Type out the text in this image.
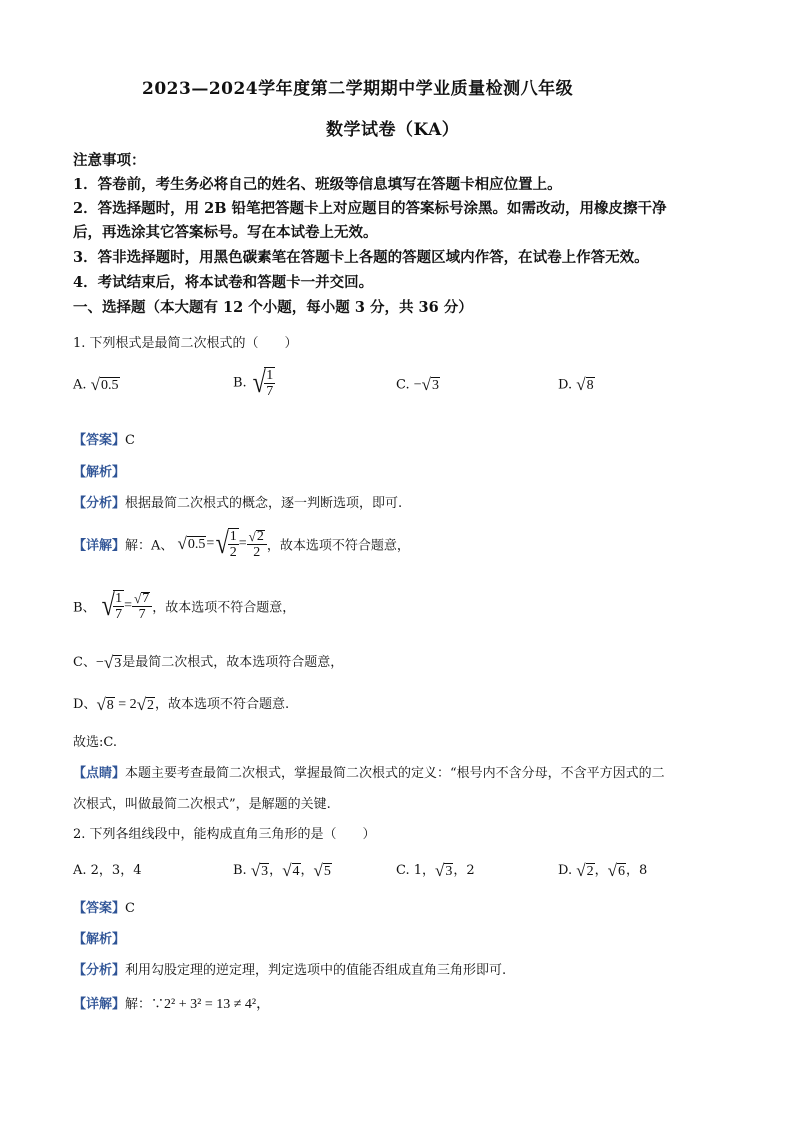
2023—2024学年度第二学期期中学业质量检测八年级
数学试卷（KA）
注意事项：
1．答卷前，考生务必将自己的姓名、班级等信息填写在答题卡相应位置上。
2．答选择题时，用 2B 铅笔把答题卡上对应题目的答案标号涂黑。如需改动，用橡皮擦干净
后，再选涂其它答案标号。写在本试卷上无效。
3．答非选择题时，用黑色碳素笔在答题卡上各题的答题区域内作答，在试卷上作答无效。
4．考试结束后，将本试卷和答题卡一并交回。
一、选择题（本大题有 12 个小题，每小题 3 分，共 36 分）
1. 下列根式是最简二次根式的（　　）
A. √0.5	B. √
$\frac{1}{7}$	C. −√3	D. √8
【答案】C
【解析】
【分析】根据最简二次根式的概念，逐一判断选项，即可.
【详解】解：A、 √0.5=√
$\frac{1}{2} = \frac{√2}{2}$ ，故本选项不符合题意，
B、 √
$\frac{1}{7} = \frac{√7}{7}$ ，故本选项不符合题意，
C、−√3是最简二次根式，故本选项符合题意，
D、√8 = 2√2，故本选项不符合题意.
故选:C.
【点睛】本题主要考查最简二次根式，掌握最简二次根式的定义：“根号内不含分母，不含平方因式的二
次根式，叫做最简二次根式”，是解题的关键.
2. 下列各组线段中，能构成直角三角形的是（　　）
A. 2，3，4	B. √3，√4，√5	C. 1，√3，2	D. √2，√6，8
【答案】C
【解析】
【分析】利用勾股定理的逆定理，判定选项中的值能否组成直角三角形即可.
【详解】解：∵2² + 3² = 13 ≠ 4²，
